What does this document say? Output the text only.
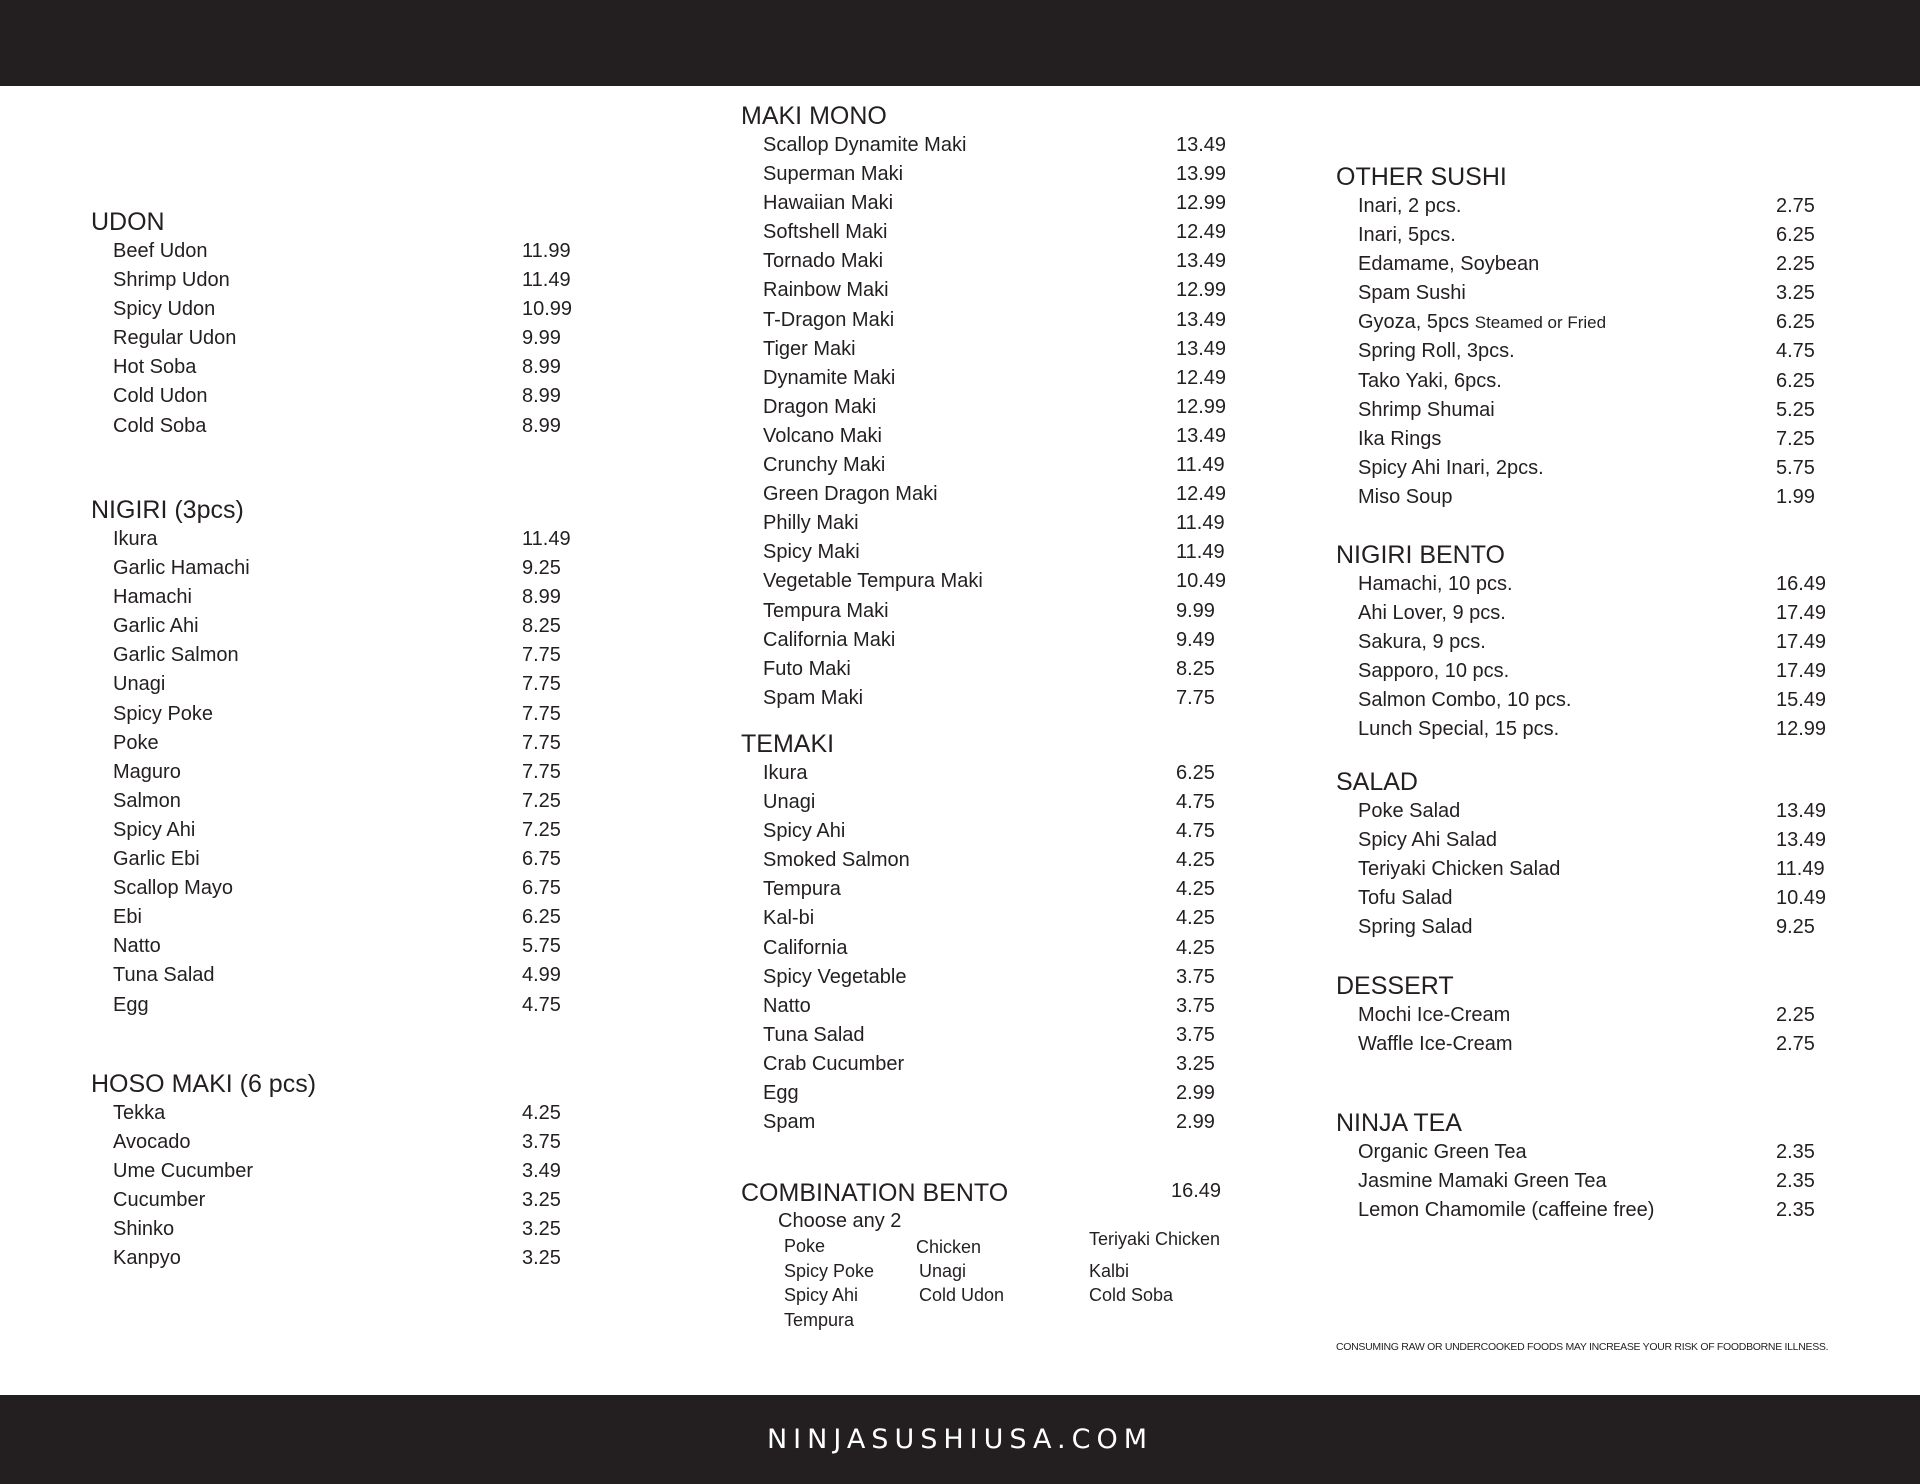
UDON
Beef Udon	11.99
Shrimp Udon	11.49
Spicy Udon	10.99
Regular Udon	9.99
Hot Soba	8.99
Cold Udon	8.99
Cold Soba	8.99
NIGIRI (3pcs)
Ikura	11.49
Garlic Hamachi	9.25
Hamachi	8.99
Garlic Ahi	8.25
Garlic Salmon	7.75
Unagi	7.75
Spicy Poke	7.75
Poke	7.75
Maguro	7.75
Salmon	7.25
Spicy Ahi	7.25
Garlic Ebi	6.75
Scallop Mayo	6.75
Ebi	6.25
Natto	5.75
Tuna Salad	4.99
Egg	4.75
HOSO MAKI (6 pcs)
Tekka	4.25
Avocado	3.75
Ume Cucumber	3.49
Cucumber	3.25
Shinko	3.25
Kanpyo	3.25
MAKI MONO
Scallop Dynamite Maki	13.49
Superman Maki	13.99
Hawaiian Maki	12.99
Softshell Maki	12.49
Tornado Maki	13.49
Rainbow Maki	12.99
T-Dragon Maki	13.49
Tiger Maki	13.49
Dynamite Maki	12.49
Dragon Maki	12.99
Volcano Maki	13.49
Crunchy Maki	11.49
Green Dragon Maki	12.49
Philly Maki	11.49
Spicy Maki	11.49
Vegetable Tempura Maki	10.49
Tempura Maki	9.99
California Maki	9.49
Futo Maki	8.25
Spam Maki	7.75
TEMAKI
Ikura	6.25
Unagi	4.75
Spicy Ahi	4.75
Smoked Salmon	4.25
Tempura	4.25
Kal-bi	4.25
California	4.25
Spicy Vegetable	3.75
Natto	3.75
Tuna Salad	3.75
Crab Cucumber	3.25
Egg	2.99
Spam	2.99
COMBINATION BENTO	16.49
Choose any 2
Poke
Spicy Poke
Spicy Ahi
Tempura
Chicken
Unagi
Cold Udon
Teriyaki Chicken
Kalbi
Cold Soba
OTHER SUSHI
Inari, 2 pcs.	2.75
Inari, 5pcs.	6.25
Edamame, Soybean	2.25
Spam Sushi	3.25
Gyoza, 5pcs Steamed or Fried	6.25
Spring Roll, 3pcs.	4.75
Tako Yaki, 6pcs.	6.25
Shrimp Shumai	5.25
Ika Rings	7.25
Spicy Ahi Inari, 2pcs.	5.75
Miso Soup	1.99
NIGIRI BENTO
Hamachi, 10 pcs.	16.49
Ahi Lover, 9 pcs.	17.49
Sakura, 9 pcs.	17.49
Sapporo, 10 pcs.	17.49
Salmon Combo, 10 pcs.	15.49
Lunch Special, 15 pcs.	12.99
SALAD
Poke Salad	13.49
Spicy Ahi Salad	13.49
Teriyaki Chicken Salad	11.49
Tofu Salad	10.49
Spring Salad	9.25
DESSERT
Mochi Ice-Cream	2.25
Waffle Ice-Cream	2.75
NINJA TEA
Organic Green Tea	2.35
Jasmine Mamaki Green Tea	2.35
Lemon Chamomile (caffeine free)	2.35
CONSUMING RAW OR UNDERCOOKED FOODS MAY INCREASE YOUR RISK OF FOODBORNE ILLNESS.
NINJASUSHIUSA.COM
